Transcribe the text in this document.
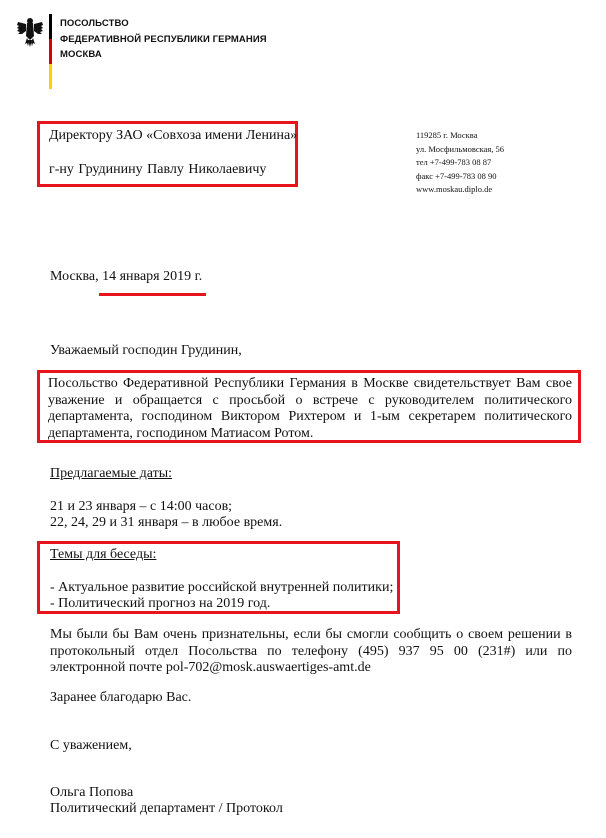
ПОСОЛЬСТВО
ФЕДЕРАТИВНОЙ РЕСПУБЛИКИ ГЕРМАНИЯ
МОСКВА
Директору ЗАО «Совхоза имени Ленина»
г-ну Грудинину Павлу Николаевичу
119285 г. Москва
ул. Мосфильмовская, 56
тел +7-499-783 08 87
факс +7-499-783 08 90
www.moskau.diplo.de
Москва, 14 января 2019 г.
Уважаемый господин Грудинин,
Посольство Федеративной Республики Германия в Москве свидетельствует Вам свое
уважение и обращается с просьбой о встрече с руководителем политического
департамента, господином Виктором Рихтером и 1-ым секретарем политического
департамента, господином Матиасом Ротом.
Предлагаемые даты:
21 и 23 января – с 14:00 часов;
22, 24, 29 и 31 января – в любое время.
Темы для беседы:
- Актуальное развитие российской внутренней политики;
- Политический прогноз на 2019 год.
Мы были бы Вам очень признательны, если бы смогли сообщить о своем решении в
протокольный отдел Посольства по телефону (495) 937 95 00 (231#) или по
электронной почте pol-702@mosk.auswaertiges-amt.de
Заранее благодарю Вас.
С уважением,
Ольга Попова
Политический департамент / Протокол
